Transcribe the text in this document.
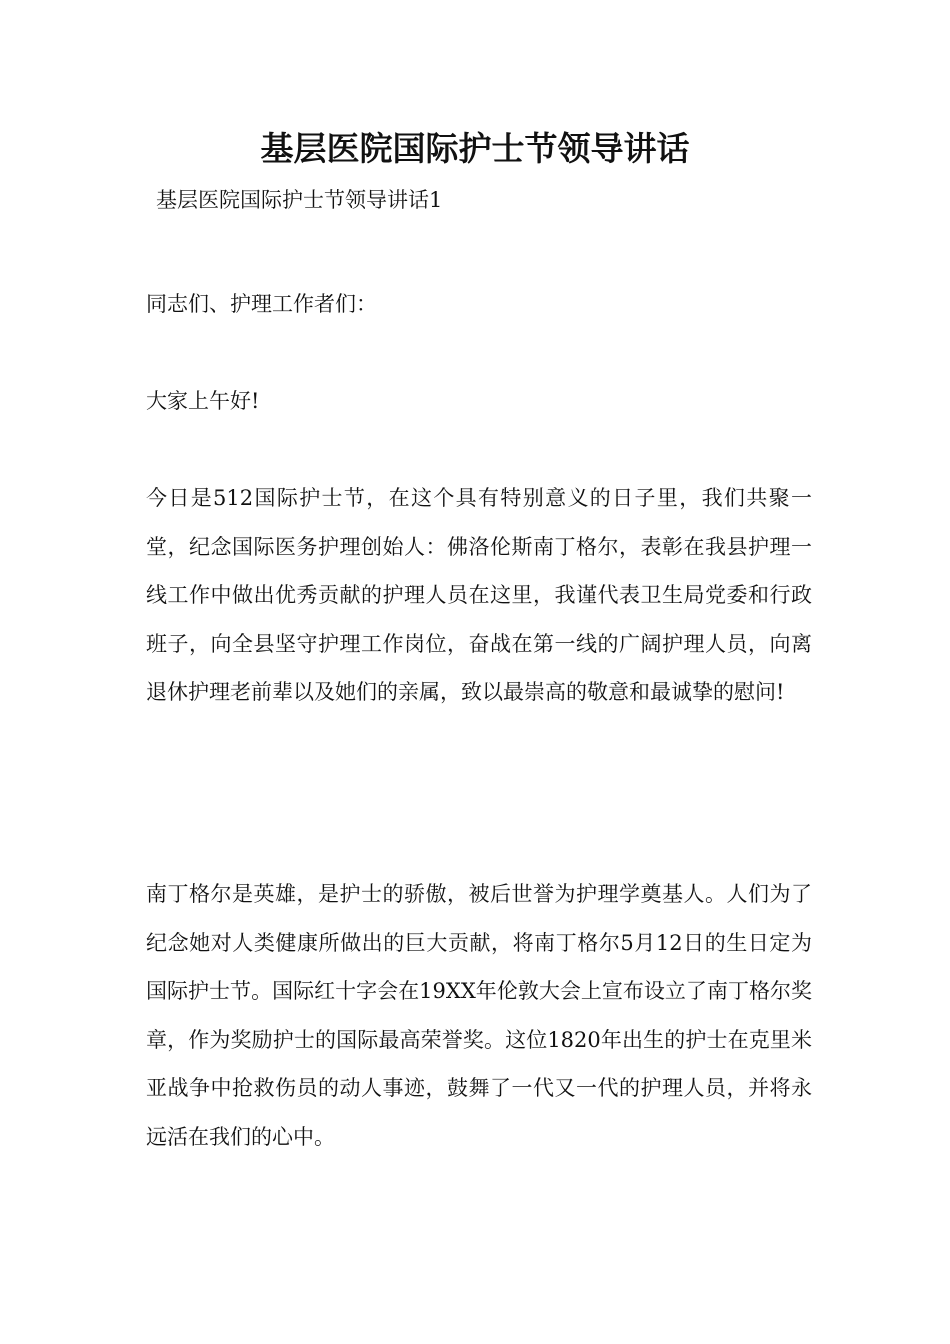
基层医院国际护士节领导讲话
基层医院国际护士节领导讲话1
同志们、护理工作者们：
大家上午好!
今日是512国际护士节，在这个具有特别意义的日子里，我们共聚一堂，纪念国际医务护理创始人：佛洛伦斯南丁格尔，表彰在我县护理一线工作中做出优秀贡献的护理人员在这里，我谨代表卫生局党委和行政班子，向全县坚守护理工作岗位，奋战在第一线的广阔护理人员，向离退休护理老前辈以及她们的亲属，致以最崇高的敬意和最诚挚的慰问!
南丁格尔是英雄，是护士的骄傲，被后世誉为护理学奠基人。人们为了纪念她对人类健康所做出的巨大贡献，将南丁格尔5月12日的生日定为国际护士节。国际红十字会在19XX年伦敦大会上宣布设立了南丁格尔奖章，作为奖励护士的国际最高荣誉奖。这位1820年出生的护士在克里米亚战争中抢救伤员的动人事迹，鼓舞了一代又一代的护理人员，并将永远活在我们的心中。
